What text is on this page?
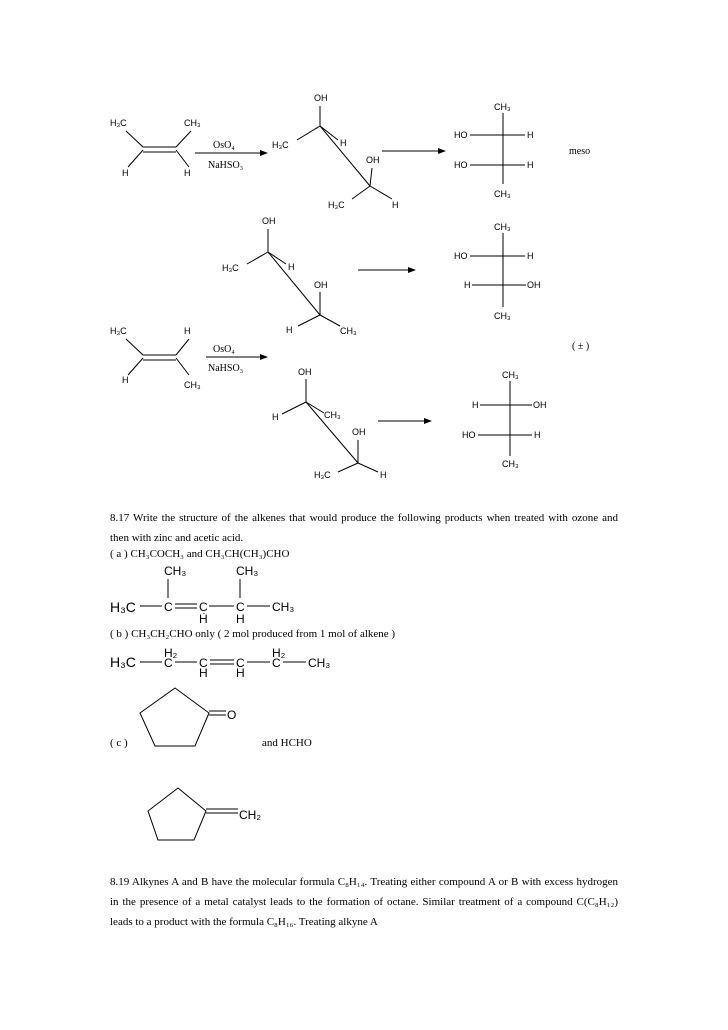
H₃C	CH₃
H	H
OsO₄
NaHSO₃
OH
H₃C	H
OH
H₃C	H
CH₃
HO	H
HO	H
CH₃
meso
OH
H₃C	H
OH
H	CH₃
CH₃
HO	H
H	OH
CH₃
H₃C	H
H	CH₃
OsO₄
NaHSO₃
( ± )
OH
H	CH₃
OH
H₃C	H
CH₃
H	OH
HO	H
CH₃
CH₃	CH₃
H₃C C C C CH₃
H H
H₂	H₂
H₃C C C C C CH₃
H H
O
CH₂
8.17 Write the structure of the alkenes that would produce the following products when treated with ozone and then with zinc and acetic acid.
( a ) CH₃COCH₃ and CH₃CH(CH₃)CHO
( b ) CH₃CH₂CHO only ( 2 mol produced from 1 mol of alkene )
( c )	and HCHO
8.19 Alkynes A and B have the molecular formula C₈H₁₄. Treating either compound A or B with excess hydrogen in the presence of a metal catalyst leads to the formation of octane. Similar treatment of a compound C(C₈H₁₂) leads to a product with the formula C₈H₁₆. Treating alkyne A
